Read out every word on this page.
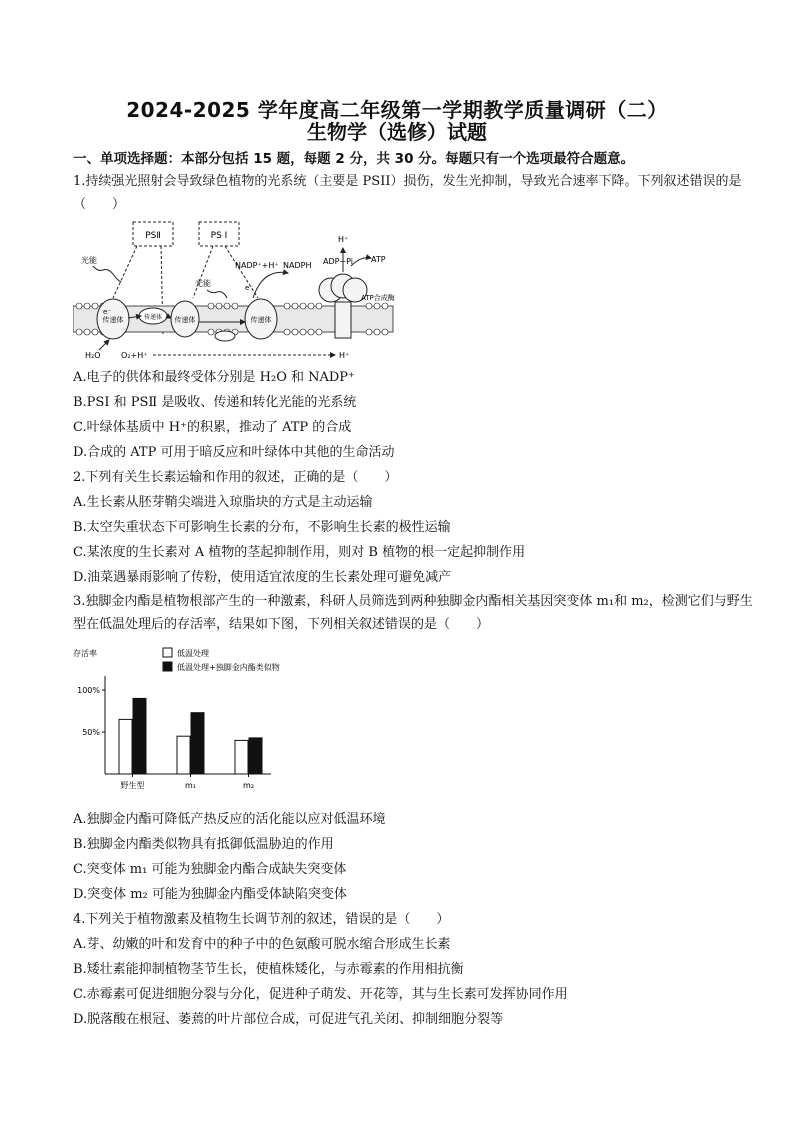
2024-2025 学年度高二年级第一学期教学质量调研（二）
生物学（选修）试题
一、单项选择题：本部分包括 15 题，每题 2 分，共 30 分。每题只有一个选项最符合题意。
1.持续强光照射会导致绿色植物的光系统（主要是 PSII）损伤，发生光抑制，导致光合速率下降。下列叙述错误的是（　　）
PSⅡ	PS I
光能
光能
NADP⁺+H⁺ NADPH
e⁻
传递体	传递体 传递体	传递体
e⁻
ADP+Pi ATP
ATP合成酶
H⁺
H₂O	O₂+H⁺	H⁺
A.电子的供体和最终受体分别是 H₂O 和 NADP⁺
B.PSI 和 PSⅡ 是吸收、传递和转化光能的光系统
C.叶绿体基质中 H⁺的积累，推动了 ATP 的合成
D.合成的 ATP 可用于暗反应和叶绿体中其他的生命活动
2.下列有关生长素运输和作用的叙述，正确的是（　　）
A.生长素从胚芽鞘尖端进入琼脂块的方式是主动运输
B.太空失重状态下可影响生长素的分布，不影响生长素的极性运输
C.某浓度的生长素对 A 植物的茎起抑制作用，则对 B 植物的根一定起抑制作用
D.油菜遇暴雨影响了传粉，使用适宜浓度的生长素处理可避免减产
3.独脚金内酯是植物根部产生的一种激素，科研人员筛选到两种独脚金内酯相关基因突变体 m₁和 m₂，检测它们与野生型在低温处理后的存活率，结果如下图，下列相关叙述错误的是（　　）
存活率	低温处理
低温处理+独脚金内酯类似物
100%
50%
野生型	m₁	m₂
A.独脚金内酯可降低产热反应的活化能以应对低温环境
B.独脚金内酯类似物具有抵御低温胁迫的作用
C.突变体 m₁ 可能为独脚金内酯合成缺失突变体
D.突变体 m₂ 可能为独脚金内酯受体缺陷突变体
4.下列关于植物激素及植物生长调节剂的叙述，错误的是（　　）
A.芽、幼嫩的叶和发育中的种子中的色氨酸可脱水缩合形成生长素
B.矮壮素能抑制植物茎节生长，使植株矮化，与赤霉素的作用相抗衡
C.赤霉素可促进细胞分裂与分化，促进种子萌发、开花等，其与生长素可发挥协同作用
D.脱落酸在根冠、萎蔫的叶片部位合成，可促进气孔关闭、抑制细胞分裂等
